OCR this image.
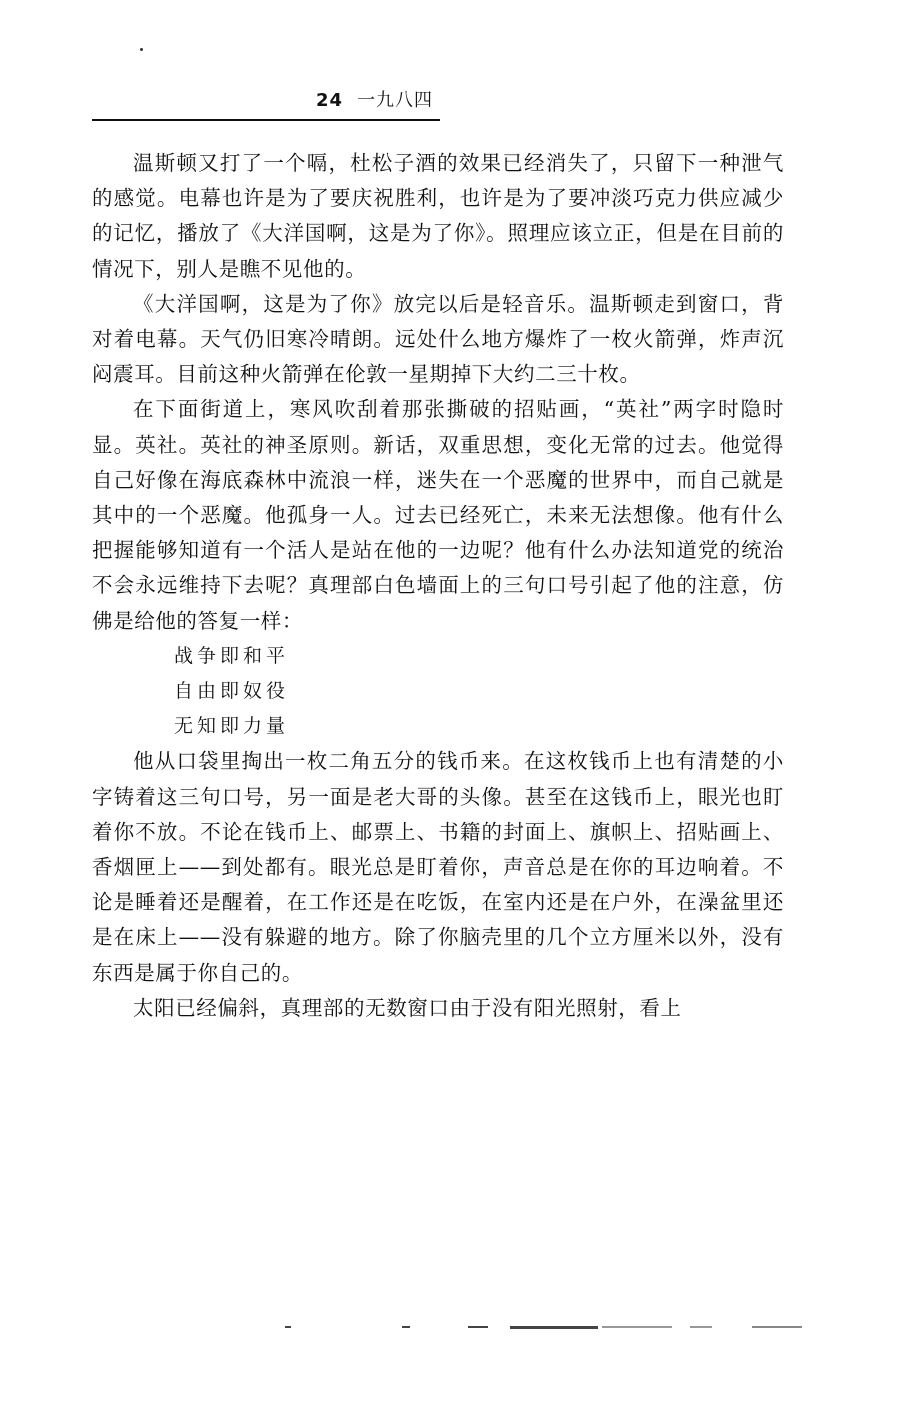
24 一九八四

温斯顿又打了一个嗝，杜松子酒的效果已经消失了，只留下一种泄气的感觉。电幕也许是为了要庆祝胜利，也许是为了要冲淡巧克力供应减少的记忆，播放了《大洋国啊，这是为了你》。照理应该立正，但是在目前的情况下，别人是瞧不见他的。

《大洋国啊，这是为了你》放完以后是轻音乐。温斯顿走到窗口，背对着电幕。天气仍旧寒冷晴朗。远处什么地方爆炸了一枚火箭弹，炸声沉闷震耳。目前这种火箭弹在伦敦一星期掉下大约二三十枚。

在下面街道上，寒风吹刮着那张撕破的招贴画，“英社”两字时隐时显。英社。英社的神圣原则。新话，双重思想，变化无常的过去。他觉得自己好像在海底森林中流浪一样，迷失在一个恶魔的世界中，而自己就是其中的一个恶魔。他孤身一人。过去已经死亡，未来无法想像。他有什么把握能够知道有一个活人是站在他的一边呢？他有什么办法知道党的统治不会永远维持下去呢？真理部白色墙面上的三句口号引起了他的注意，仿佛是给他的答复一样：

战争即和平

自由即奴役

无知即力量

他从口袋里掏出一枚二角五分的钱币来。在这枚钱币上也有清楚的小字铸着这三句口号，另一面是老大哥的头像。甚至在这钱币上，眼光也盯着你不放。不论在钱币上、邮票上、书籍的封面上、旗帜上、招贴画上、香烟匣上——到处都有。眼光总是盯着你，声音总是在你的耳边响着。不论是睡着还是醒着，在工作还是在吃饭，在室内还是在户外，在澡盆里还是在床上——没有躲避的地方。除了你脑壳里的几个立方厘米以外，没有东西是属于你自己的。

太阳已经偏斜，真理部的无数窗口由于没有阳光照射，看上
